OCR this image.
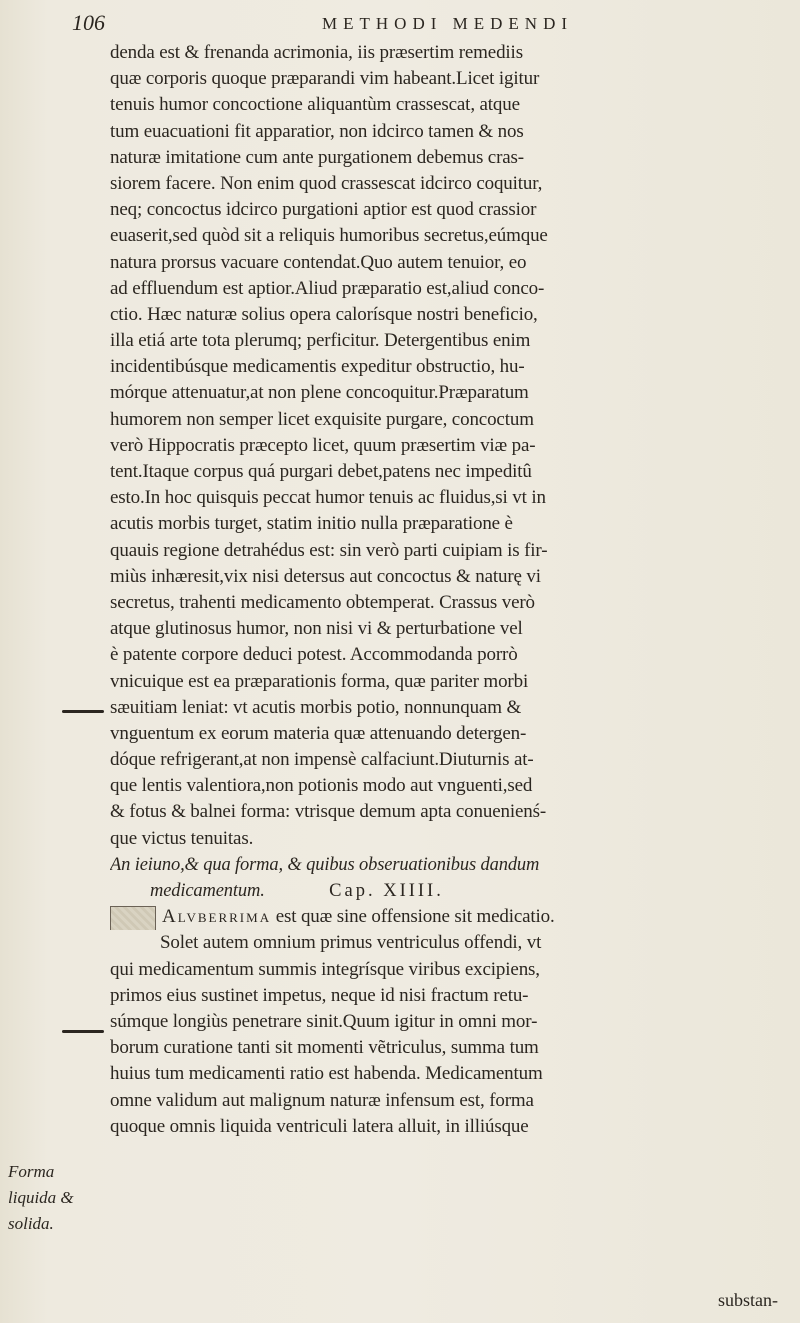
106	METHODI MEDENDI
denda est & frenanda acrimonia, iis præsertim remediis
quæ corporis quoque præparandi vim habeant.Licet igitur
tenuis humor concoctione aliquantùm crassescat, atque
tum euacuationi fit apparatior, non idcirco tamen & nos
naturæ imitatione cum ante purgationem debemus cras-
siorem facere. Non enim quod crassescat idcirco coquitur,
neq; concoctus idcirco purgationi aptior est quod crassior
euaserit,sed quòd sit a reliquis humoribus secretus,eúmque
natura prorsus vacuare contendat.Quo autem tenuior, eo
ad effluendum est aptior.Aliud præparatio est,aliud conco-
ctio. Hæc naturæ solius opera calorísque nostri beneficio,
illa etiá arte tota plerumq; perficitur. Detergentibus enim
incidentibúsque medicamentis expeditur obstructio, hu-
mórque attenuatur,at non plene concoquitur.Præparatum
humorem non semper licet exquisite purgare, concoctum
verò Hippocratis præcepto licet, quum præsertim viæ pa-
tent.Itaque corpus quá purgari debet,patens nec impeditû
esto.In hoc quisquis peccat humor tenuis ac fluidus,si vt in
acutis morbis turget, statim initio nulla præparatione è
quauis regione detrahédus est: sin verò parti cuipiam is fir-
miùs inhæresit,vix nisi detersus aut concoctus & naturę vi
secretus, trahenti medicamento obtemperat. Crassus verò
atque glutinosus humor, non nisi vi & perturbatione vel
è patente corpore deduci potest. Accommodanda porrò
vnicuique est ea præparationis forma, quæ pariter morbi
sæuitiam leniat: vt acutis morbis potio, nonnunquam &
vnguentum ex eorum materia quæ attenuando detergen-
dóque refrigerant,at non impensè calfaciunt.Diuturnis at-
que lentis valentiora,non potionis modo aut vnguenti,sed
& fotus & balnei forma: vtrisque demum apta conuenienś-
que victus tenuitas.
An ieiuno,& qua forma, & quibus obseruationibus dandum
medicamentum.	Cap. XIIII.
Alvberrima est quæ sine offensione sit medicatio.
Solet autem omnium primus ventriculus offendi, vt
qui medicamentum summis integrísque viribus excipiens,
primos eius sustinet impetus, neque id nisi fractum retu-
súmque longiùs penetrare sinit.Quum igitur in omni mor-
borum curatione tanti sit momenti vẽtriculus, summa tum
huius tum medicamenti ratio est habenda. Medicamentum
omne validum aut malignum naturæ infensum est, forma
quoque omnis liquida ventriculi latera alluit, in illiúsque
Forma
liquida &
solida.
substan-
